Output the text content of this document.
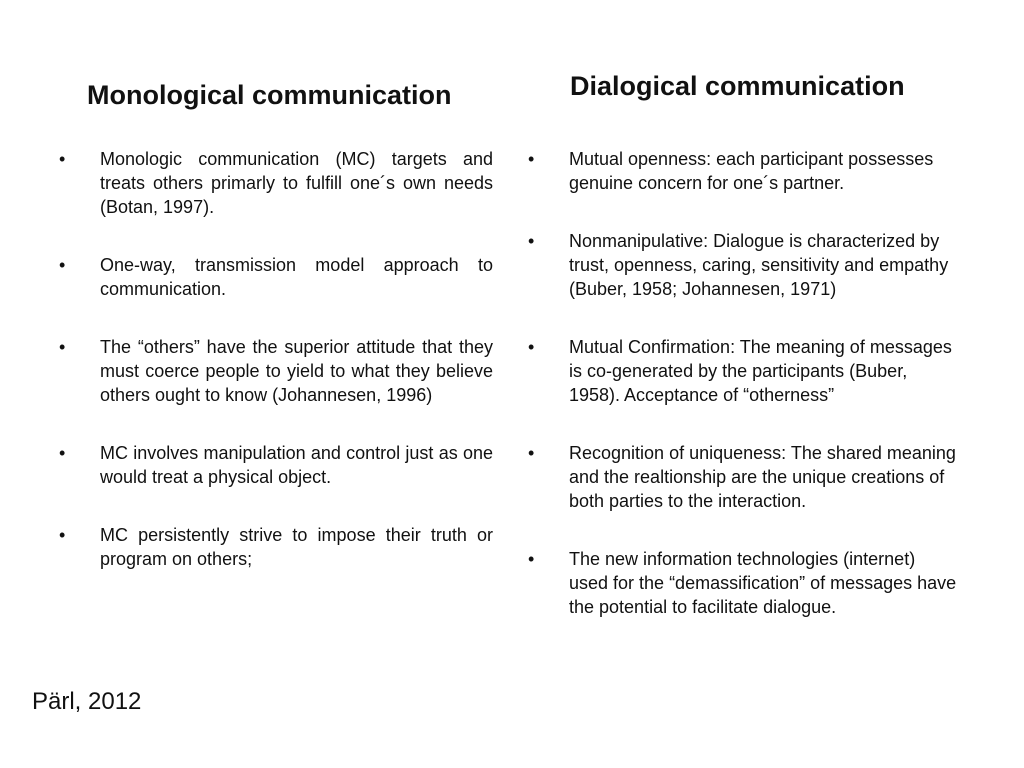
Monological communication	Dialogical communication
• Monologic communication (MC) targets and treats others primarly to fulfill one´s own needs (Botan, 1997).
• One-way, transmission model approach to communication.
• The “others” have the superior attitude that they must coerce people to yield to what they believe others ought to know (Johannesen, 1996)
• MC involves manipulation and control just as one would treat a physical object.
• MC persistently strive to impose their truth or program on others;
• Mutual openness: each participant possesses genuine concern for one´s partner.
• Nonmanipulative: Dialogue is characterized by trust, openness, caring, sensitivity and empathy (Buber, 1958; Johannesen, 1971)
• Mutual Confirmation: The meaning of messages is co-generated by the participants (Buber, 1958). Acceptance of “otherness”
• Recognition of uniqueness: The shared meaning and the realtionship are the unique creations of both parties to the interaction.
• The new information technologies (internet) used for the “demassification” of messages have the potential to facilitate dialogue.

Pärl, 2012
